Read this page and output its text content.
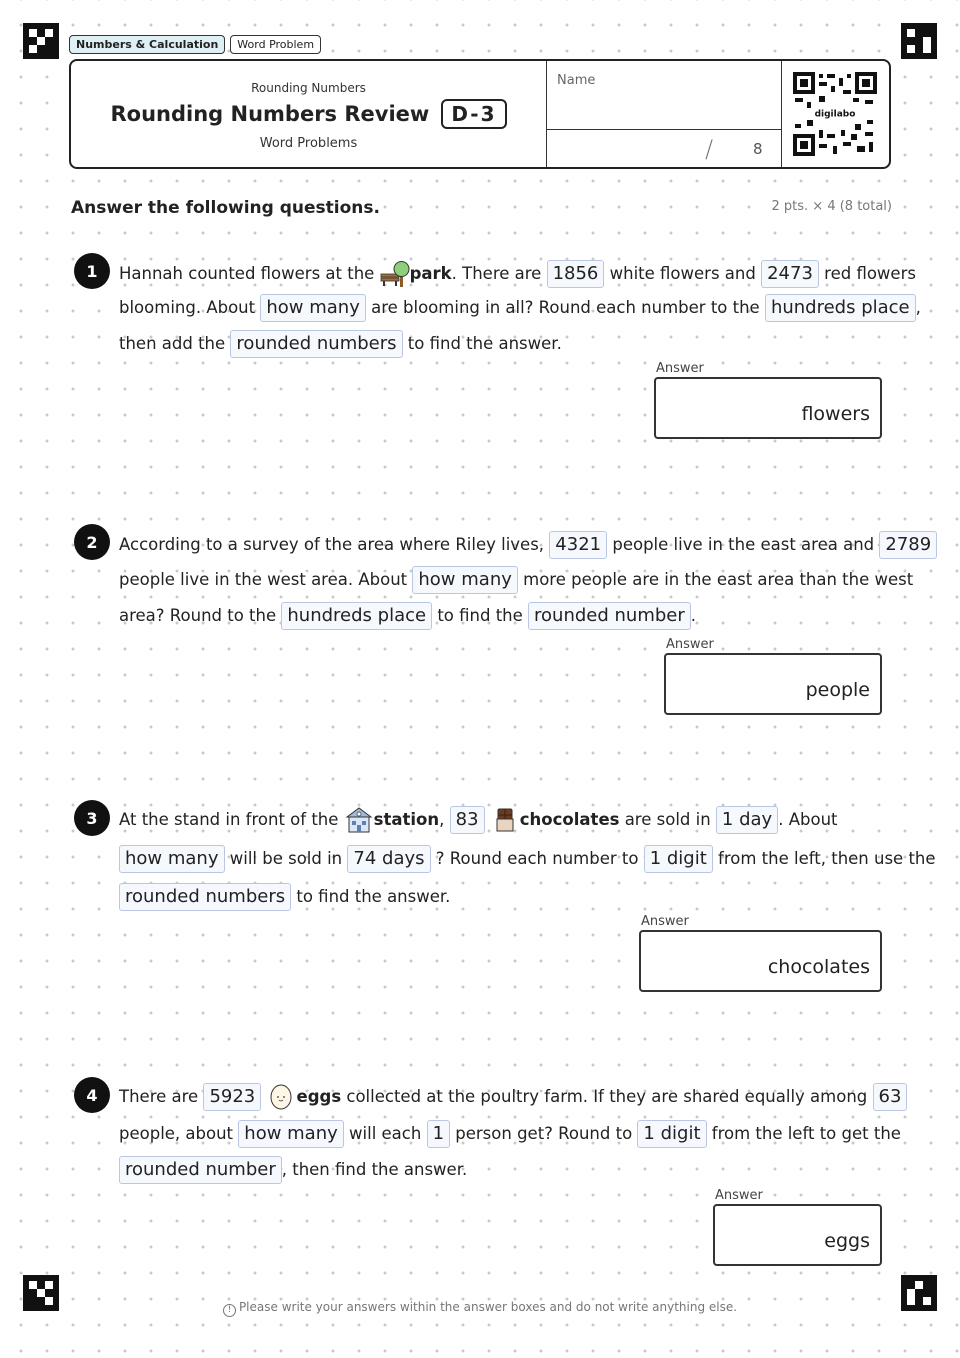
Numbers & Calculation	Word Problem
Rounding Numbers
Rounding Numbers Review	D-3
Word Problems
Name
/	8
digilabo
Answer the following questions.	2 pts. × 4 (8 total)
1	Hannah counted flowers at the park. There are 1856 white flowers and 2473 red flowers
blooming. About how many are blooming in all? Round each number to the hundreds place ,
then add the rounded numbers to find the answer.
Answer
flowers
2	According to a survey of the area where Riley lives, 4321 people live in the east area and 2789
people live in the west area. About how many more people are in the east area than the west
area? Round to the hundreds place to find the rounded number .
Answer
people
3	At the stand in front of the station, 83	chocolates are sold in 1 day . About
how many will be sold in 74 days ? Round each number to 1 digit from the left, then use the
rounded numbers to find the answer.
Answer
chocolates
4	There are 5923	eggs collected at the poultry farm. If they are shared equally among 63
people, about how many will each 1 person get? Round to 1 digit from the left to get the
rounded number , then find the answer.
Answer
eggs
! Please write your answers within the answer boxes and do not write anything else.
